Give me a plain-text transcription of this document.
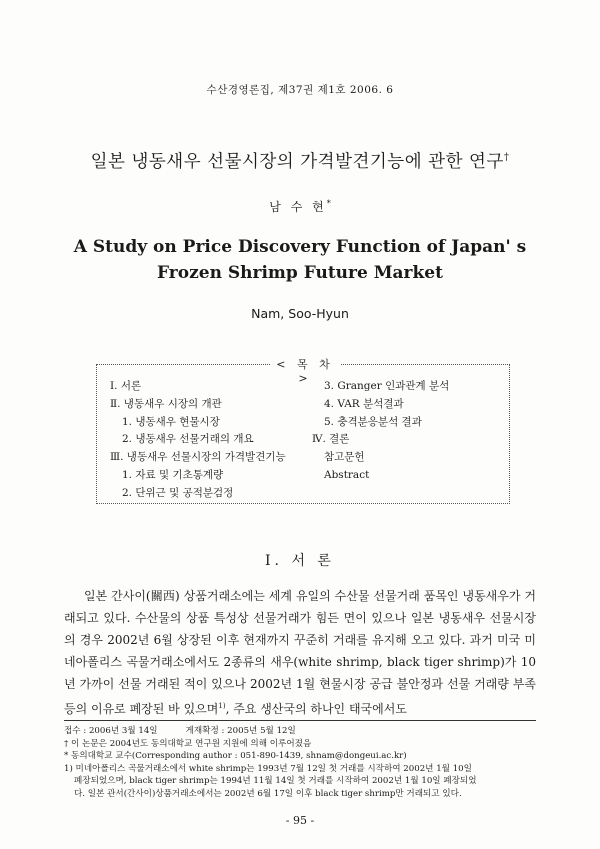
수산경영론집, 제37권 제1호 2006. 6
일본 냉동새우 선물시장의 가격발견기능에 관한 연구†
남 수 현*
A Study on Price Discovery Function of Japan' s
Frozen Shrimp Future Market
Nam, Soo-Hyun
< 목 차 >
Ⅰ. 서론
Ⅱ. 냉동새우 시장의 개관
1. 냉동새우 현물시장
2. 냉동새우 선물거래의 개요
Ⅲ. 냉동새우 선물시장의 가격발견기능
1. 자료 및 기초통계량
2. 단위근 및 공적분검정
3. Granger 인과관계 분석
4. VAR 분석결과
5. 충격분응분석 결과
Ⅳ. 결론
참고문헌
Abstract
Ⅰ. 서 론

일본 간사이(關西) 상품거래소에는 세계 유일의 수산물 선물거래 품목인 냉동새우가 거래되고 있다. 수산물의 상품 특성상 선물거래가 힘든 면이 있으나 일본 냉동새우 선물시장의 경우 2002년 6월 상장된 이후 현재까지 꾸준히 거래를 유지해 오고 있다. 과거 미국 미네아폴리스 곡물거래소에서도 2종류의 새우(white shrimp, black tiger shrimp)가 10년 가까이 선물 거래된 적이 있으나 2002년 1월 현물시장 공급 불안정과 선물 거래량 부족 등의 이유로 폐장된 바 있으며$^{1)}$, 주요 생산국의 하나인 태국에서도

접수 : 2006년 3월 14일	게재확정 : 2005년 5월 12일
† 이 논문은 2004년도 동의대학교 연구원 지원에 의해 이루어졌음
* 동의대학교 교수(Corresponding author : 051-890-1439, shnam@dongeui.ac.kr)
1) 미네아폴리스 곡물거래소에서 white shrimp는 1993년 7월 12일 첫 거래를 시작하여 2002년 1월 10일
폐장되었으며, black tiger shrimp는 1994년 11월 14일 첫 거래를 시작하여 2002년 1월 10일 폐장되었
다. 일본 관서(간사이)상품거래소에서는 2002년 6월 17일 이후 black tiger shrimp만 거래되고 있다.
- 95 -
